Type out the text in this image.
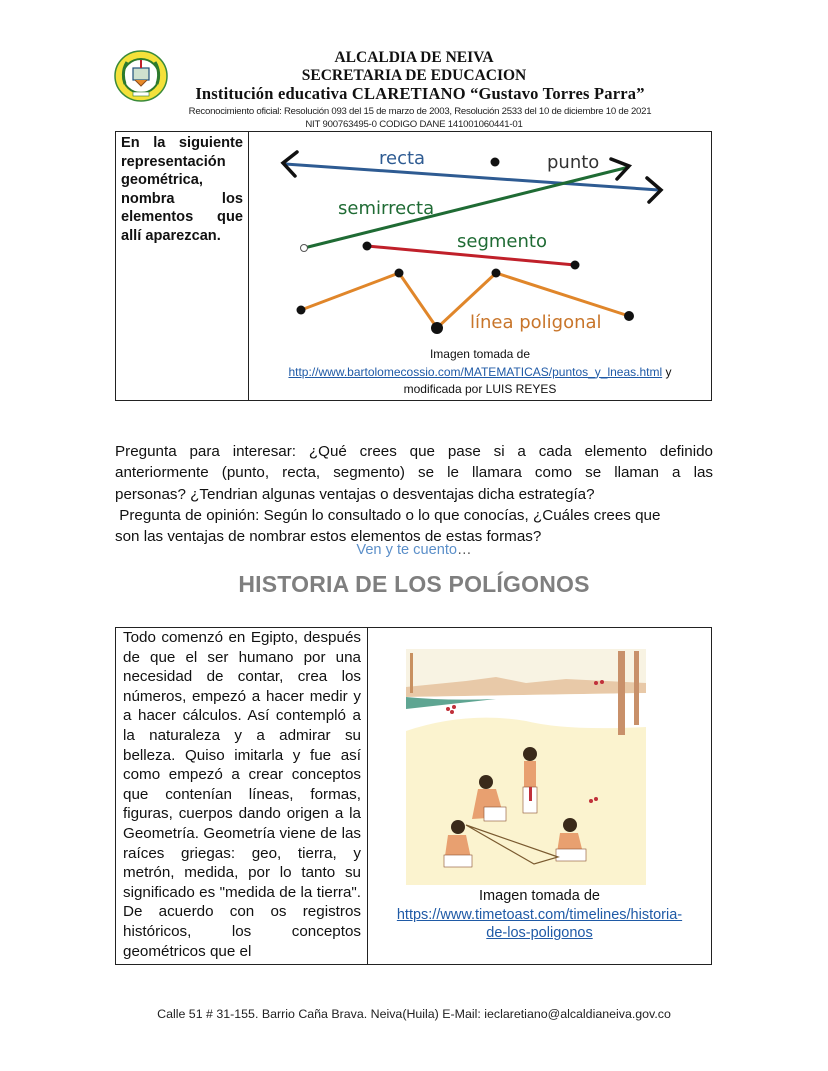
ALCALDIA DE NEIVA
SECRETARIA DE EDUCACION
Institución educativa CLARETIANO “Gustavo Torres Parra”
Reconocimiento oficial: Resolución 093 del 15 de marzo de 2003, Resolución 2533 del 10 de diciembre 10 de 2021
NIT 900763495-0 CODIGO DANE 141001060441-01
En la siguiente representación geométrica, nombra los elementos que allí aparezcan.
recta	punto
semirrecta
segmento
línea poligonal
Imagen tomada de
http://www.bartolomecossio.com/MATEMATICAS/puntos_y_lneas.html y
modificada por LUIS REYES
Pregunta para interesar: ¿Qué crees que pase si a cada elemento definido
anteriormente (punto, recta, segmento) se le llamara como se llaman a las
personas? ¿Tendrian algunas ventajas o desventajas dicha estrategía?
Pregunta de opinión: Según lo consultado o lo que conocías, ¿Cuáles crees que
son las ventajas de nombrar estos elementos de estas formas?
Ven y te cuento…
HISTORIA DE LOS POLÍGONOS
Todo comenzó en Egipto, después de que el ser humano por una necesidad de contar, crea los números, empezó a hacer medir y a hacer cálculos. Así contempló a la naturaleza y a admirar su belleza. Quiso imitarla y fue así como empezó a crear conceptos que contenían líneas, formas, figuras, cuerpos dando origen a la Geometría. Geometría viene de las raíces griegas: geo, tierra, y metrón, medida, por lo tanto su significado es "medida de la tierra". De acuerdo con os registros históricos, los conceptos geométricos que el
Imagen tomada de
https://www.timetoast.com/timelines/historia-
de-los-poligonos
Calle 51 # 31-155. Barrio Caña Brava. Neiva(Huila) E-Mail: ieclaretiano@alcaldianeiva.gov.co
